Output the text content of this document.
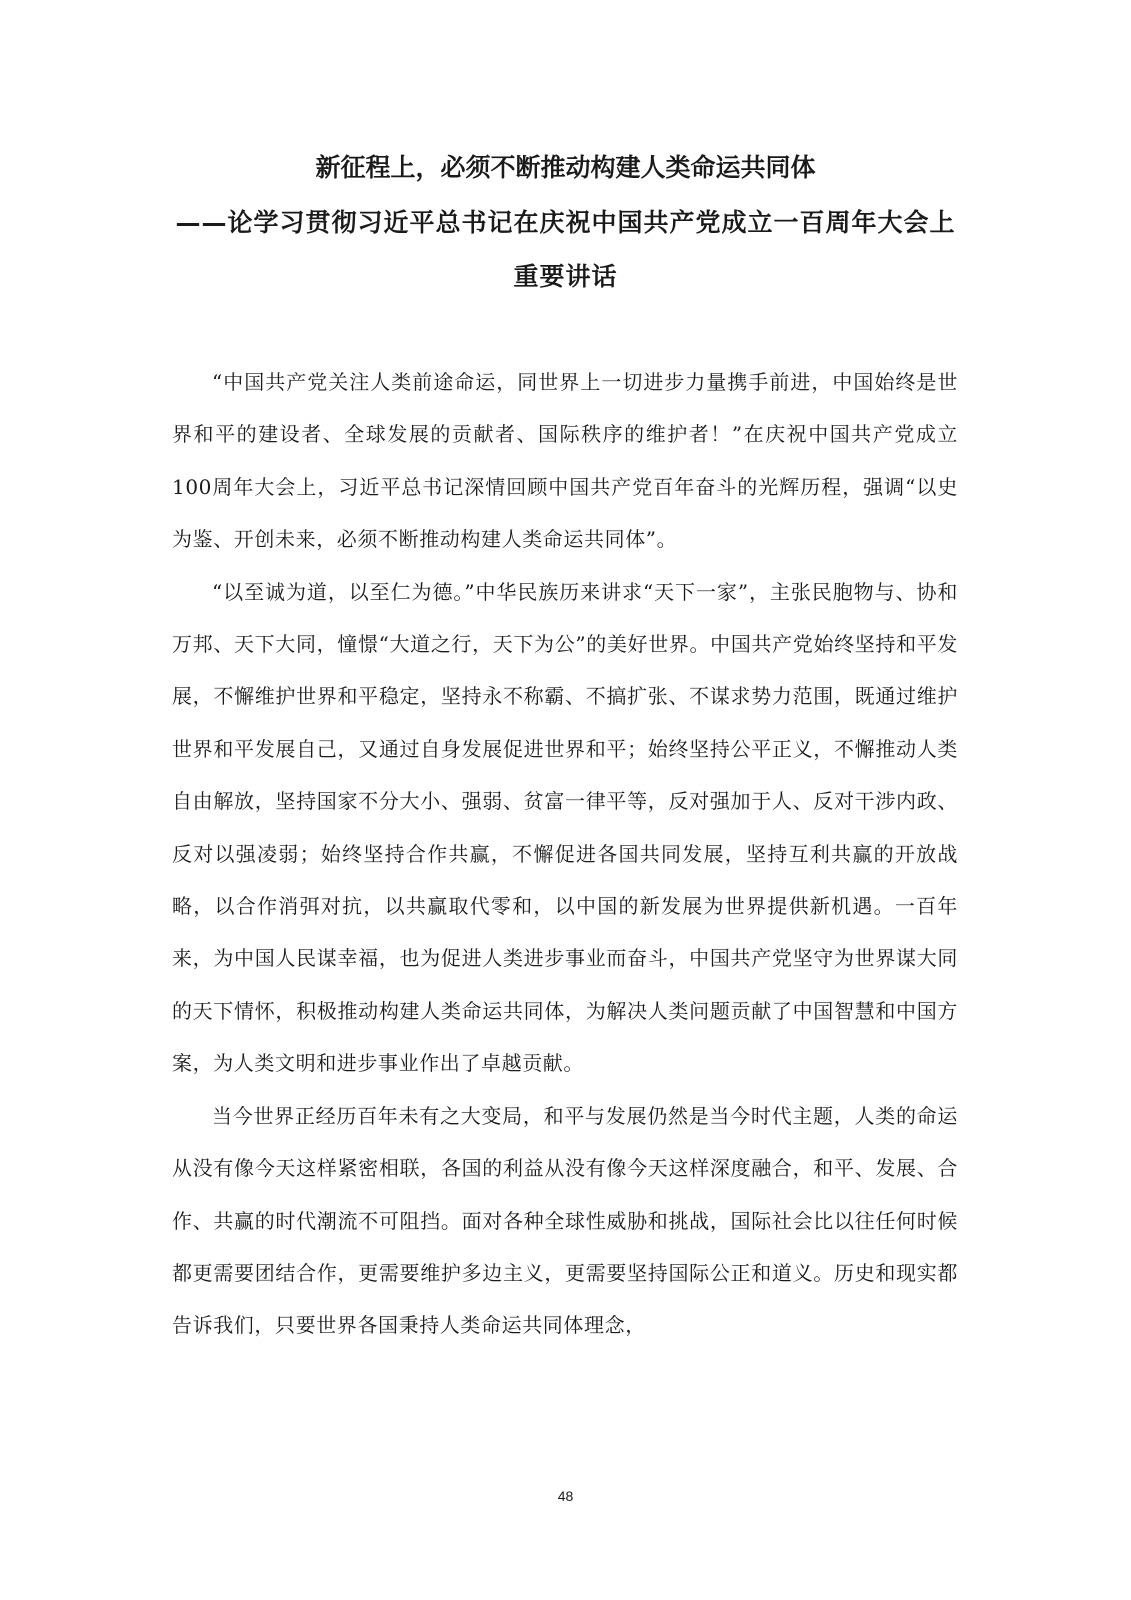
新征程上，必须不断推动构建人类命运共同体
——论学习贯彻习近平总书记在庆祝中国共产党成立一百周年大会上重要讲话

“中国共产党关注人类前途命运，同世界上一切进步力量携手前进，中国始终是世界和平的建设者、全球发展的贡献者、国际秩序的维护者！”在庆祝中国共产党成立100周年大会上，习近平总书记深情回顾中国共产党百年奋斗的光辉历程，强调“以史为鉴、开创未来，必须不断推动构建人类命运共同体”。

“以至诚为道，以至仁为德。”中华民族历来讲求“天下一家”，主张民胞物与、协和万邦、天下大同，憧憬“大道之行，天下为公”的美好世界。中国共产党始终坚持和平发展，不懈维护世界和平稳定，坚持永不称霸、不搞扩张、不谋求势力范围，既通过维护世界和平发展自己，又通过自身发展促进世界和平；始终坚持公平正义，不懈推动人类自由解放，坚持国家不分大小、强弱、贫富一律平等，反对强加于人、反对干涉内政、反对以强凌弱；始终坚持合作共赢，不懈促进各国共同发展，坚持互利共赢的开放战略，以合作消弭对抗，以共赢取代零和，以中国的新发展为世界提供新机遇。一百年来，为中国人民谋幸福，也为促进人类进步事业而奋斗，中国共产党坚守为世界谋大同的天下情怀，积极推动构建人类命运共同体，为解决人类问题贡献了中国智慧和中国方案，为人类文明和进步事业作出了卓越贡献。

当今世界正经历百年未有之大变局，和平与发展仍然是当今时代主题，人类的命运从没有像今天这样紧密相联，各国的利益从没有像今天这样深度融合，和平、发展、合作、共赢的时代潮流不可阻挡。面对各种全球性威胁和挑战，国际社会比以往任何时候都更需要团结合作，更需要维护多边主义，更需要坚持国际公正和道义。历史和现实都告诉我们，只要世界各国秉持人类命运共同体理念，

48
